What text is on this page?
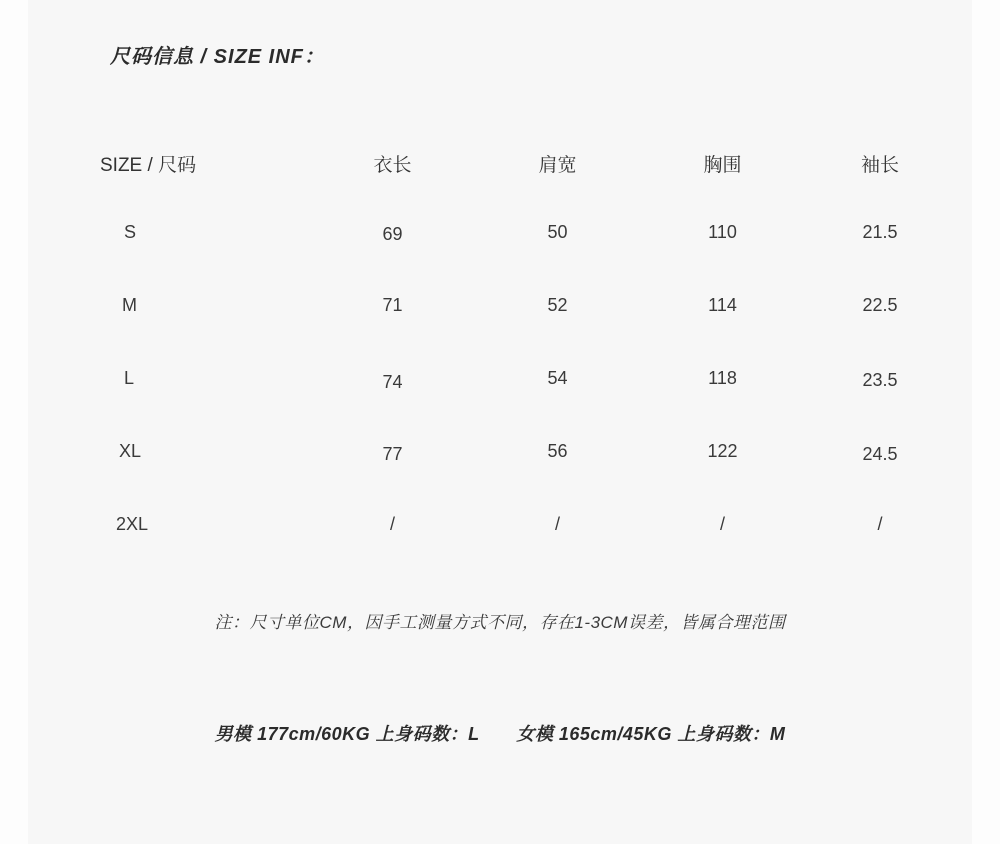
尺码信息 / SIZE INF：
SIZE / 尺码	衣长	肩宽	胸围	袖长
S	69	50	110	21.5
M	71	52	114	22.5
L	74	54	118	23.5
XL	77	56	122	24.5
2XL	/	/	/	/
注：尺寸单位CM，因手工测量方式不同，存在1-3CM误差，皆属合理范围
男模 177cm/60KG 上身码数：L 女模 165cm/45KG 上身码数：M
